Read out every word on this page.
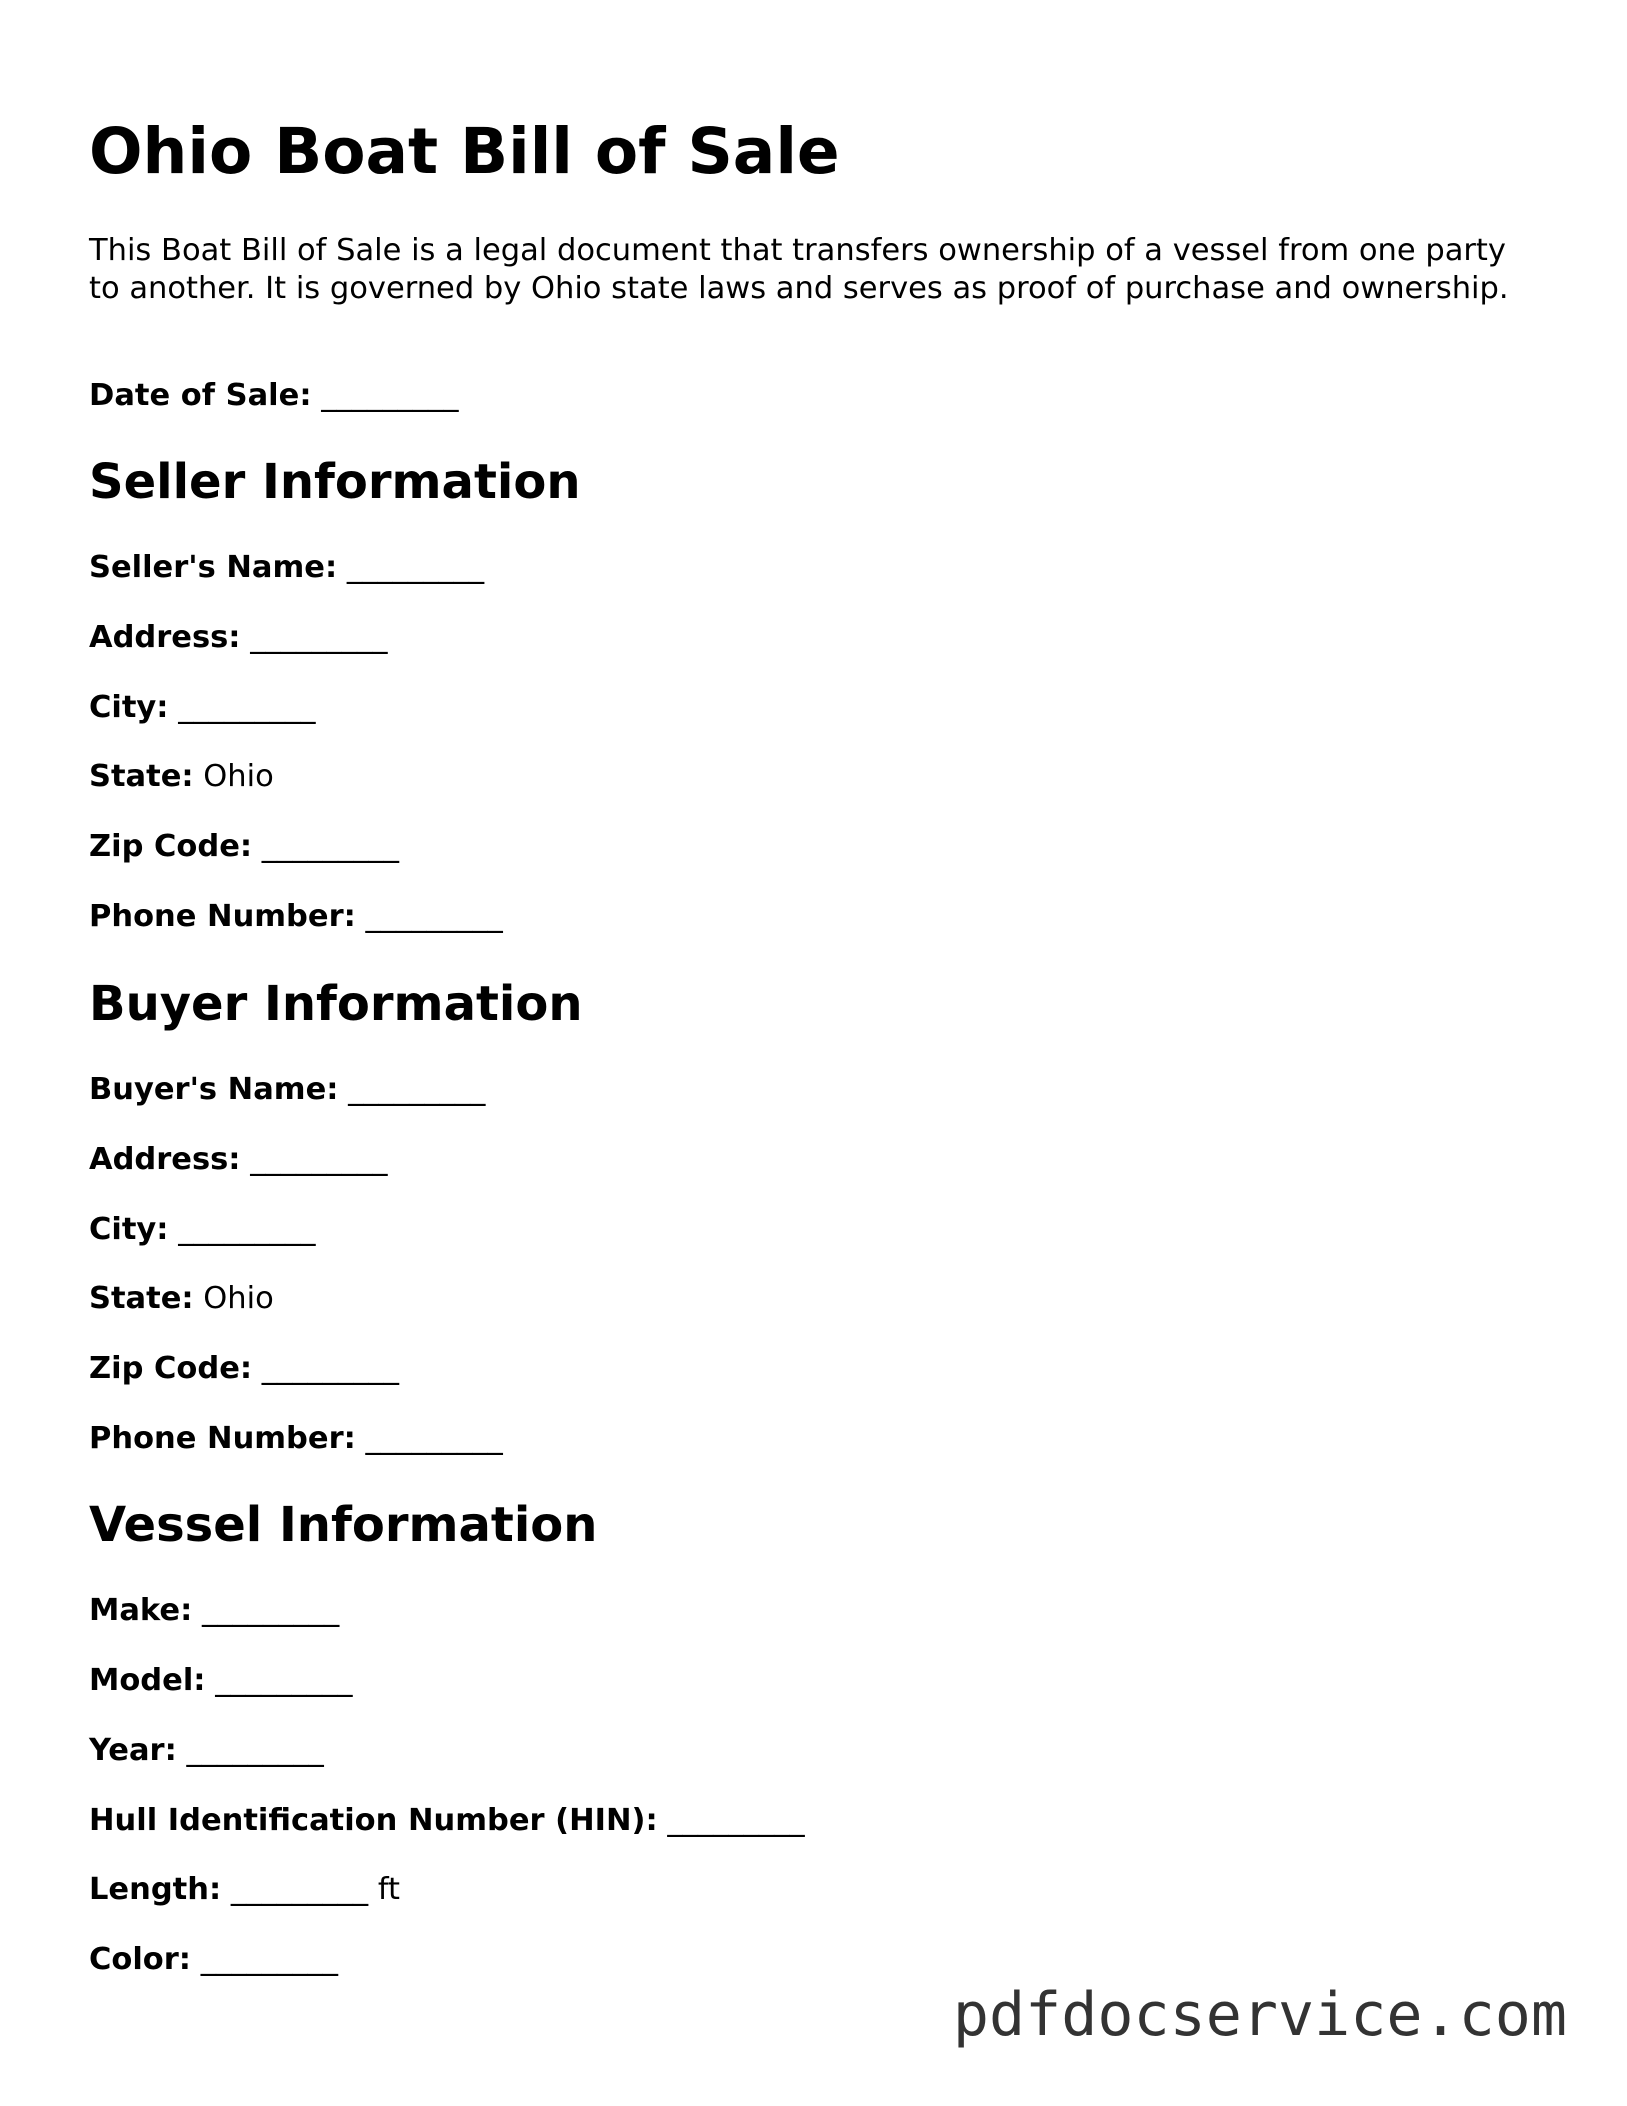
Ohio Boat Bill of Sale

This Boat Bill of Sale is a legal document that transfers ownership of a vessel from one party to another. It is governed by Ohio state laws and serves as proof of purchase and ownership.

Date of Sale: _________
Seller Information
Seller's Name: _________
Address: _________
City: _________
State: Ohio
Zip Code: _________
Phone Number: _________
Buyer Information
Buyer's Name: _________
Address: _________
City: _________
State: Ohio
Zip Code: _________
Phone Number: _________
Vessel Information
Make: _________
Model: _________
Year: _________
Hull Identification Number (HIN): _________
Length: _________ ft
Color: _________
pdfdocservice.com
